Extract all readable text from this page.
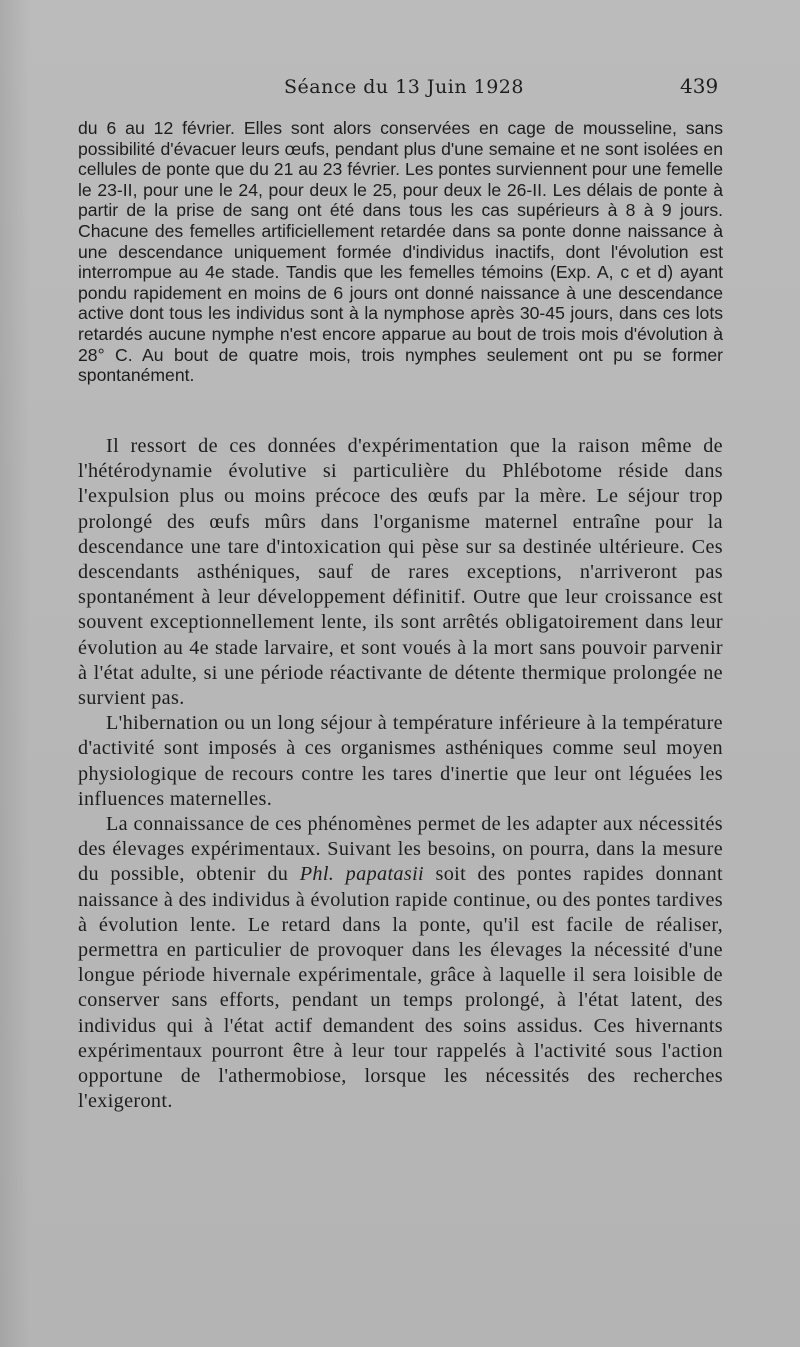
Séance du 13 Juin 1928	439

du 6 au 12 février. Elles sont alors conservées en cage de mousseline, sans possibilité d'évacuer leurs œufs, pendant plus d'une semaine et ne sont isolées en cellules de ponte que du 21 au 23 février. Les pontes surviennent pour une femelle le 23-II, pour une le 24, pour deux le 25, pour deux le 26-II. Les délais de ponte à partir de la prise de sang ont été dans tous les cas supérieurs à 8 à 9 jours. Chacune des femelles artificiellement retardée dans sa ponte donne naissance à une descendance uniquement formée d'individus inactifs, dont l'évolution est interrompue au 4e stade. Tandis que les femelles témoins (Exp. A, c et d) ayant pondu rapidement en moins de 6 jours ont donné naissance à une descendance active dont tous les individus sont à la nymphose après 30-45 jours, dans ces lots retardés aucune nymphe n'est encore apparue au bout de trois mois d'évolution à 28° C. Au bout de quatre mois, trois nymphes seulement ont pu se former spontanément.

Il ressort de ces données d'expérimentation que la raison même de l'hétérodynamie évolutive si particulière du Phlébotome réside dans l'expulsion plus ou moins précoce des œufs par la mère. Le séjour trop prolongé des œufs mûrs dans l'organisme maternel entraîne pour la descendance une tare d'intoxication qui pèse sur sa destinée ultérieure. Ces descendants asthéniques, sauf de rares exceptions, n'arriveront pas spontanément à leur développement définitif. Outre que leur croissance est souvent exceptionnellement lente, ils sont arrêtés obligatoirement dans leur évolution au 4e stade larvaire, et sont voués à la mort sans pouvoir parvenir à l'état adulte, si une période réactivante de détente thermique prolongée ne survient pas.

L'hibernation ou un long séjour à température inférieure à la température d'activité sont imposés à ces organismes asthéniques comme seul moyen physiologique de recours contre les tares d'inertie que leur ont léguées les influences maternelles.

La connaissance de ces phénomènes permet de les adapter aux nécessités des élevages expérimentaux. Suivant les besoins, on pourra, dans la mesure du possible, obtenir du Phl. papatasii soit des pontes rapides donnant naissance à des individus à évolution rapide continue, ou des pontes tardives à évolution lente. Le retard dans la ponte, qu'il est facile de réaliser, permettra en particulier de provoquer dans les élevages la nécessité d'une longue période hivernale expérimentale, grâce à laquelle il sera loisible de conserver sans efforts, pendant un temps prolongé, à l'état latent, des individus qui à l'état actif demandent des soins assidus. Ces hivernants expérimentaux pourront être à leur tour rappelés à l'activité sous l'action opportune de l'athermobiose, lorsque les nécessités des recherches l'exigeront.
